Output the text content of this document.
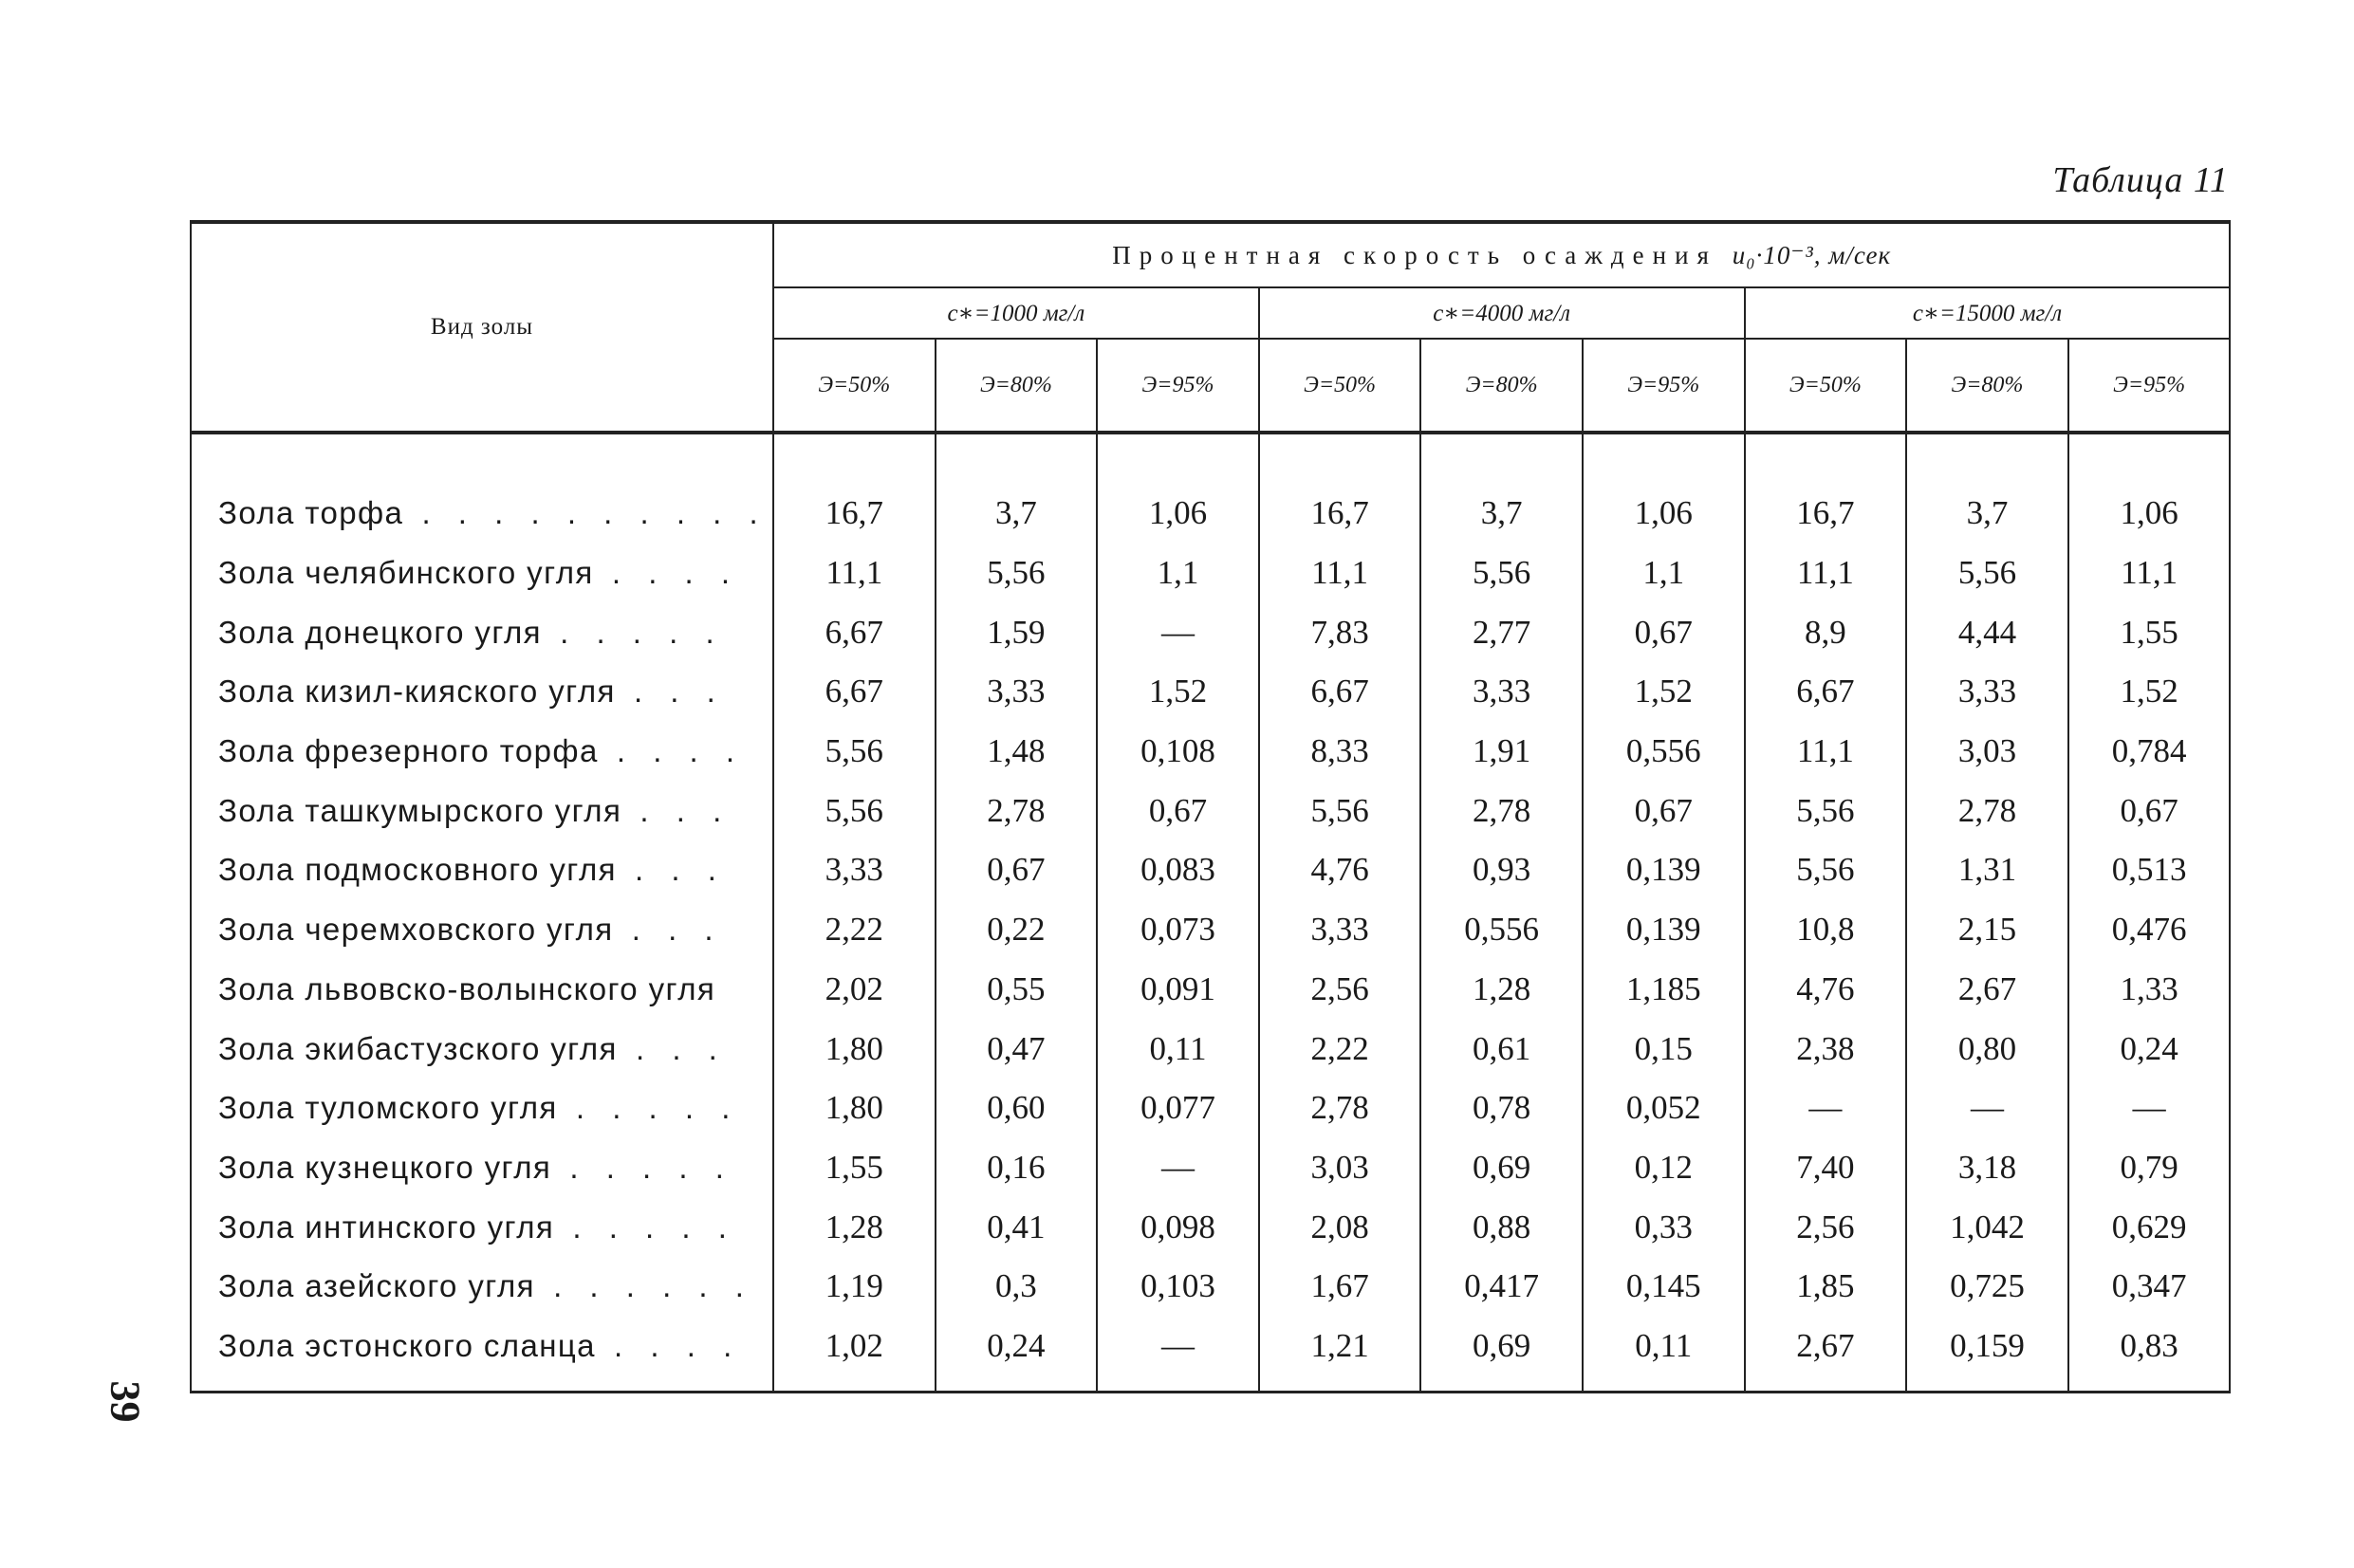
Таблица 11
39
Вид золы	Процентная скорость осаждения u₀·10⁻³, м/сек								
	c∗=1000 мг/л			c∗=4000 мг/л			c∗=15000 мг/л		
	Э=50%	Э=80%	Э=95%	Э=50%	Э=80%	Э=95%	Э=50%	Э=80%	Э=95%

Зола торфа . . . . . . . . . .	16,7	3,7	1,06	16,7	3,7	1,06	16,7	3,7	1,06
Зола челябинского угля . . . .	11,1	5,56	1,1	11,1	5,56	1,1	11,1	5,56	11,1
Зола донецкого угля . . . . .	6,67	1,59	—	7,83	2,77	0,67	8,9	4,44	1,55
Зола кизил-кияского угля . . .	6,67	3,33	1,52	6,67	3,33	1,52	6,67	3,33	1,52
Зола фрезерного торфа . . . .	5,56	1,48	0,108	8,33	1,91	0,556	11,1	3,03	0,784
Зола ташкумырского угля . . .	5,56	2,78	0,67	5,56	2,78	0,67	5,56	2,78	0,67
Зола подмосковного угля . . .	3,33	0,67	0,083	4,76	0,93	0,139	5,56	1,31	0,513
Зола черемховского угля . . .	2,22	0,22	0,073	3,33	0,556	0,139	10,8	2,15	0,476
Зола львовско-волынского угля	2,02	0,55	0,091	2,56	1,28	1,185	4,76	2,67	1,33
Зола экибастузского угля . . .	1,80	0,47	0,11	2,22	0,61	0,15	2,38	0,80	0,24
Зола туломского угля . . . . .	1,80	0,60	0,077	2,78	0,78	0,052	—	—	—
Зола кузнецкого угля . . . . .	1,55	0,16	—	3,03	0,69	0,12	7,40	3,18	0,79
Зола интинского угля . . . . .	1,28	0,41	0,098	2,08	0,88	0,33	2,56	1,042	0,629
Зола азейского угля . . . . . .	1,19	0,3	0,103	1,67	0,417	0,145	1,85	0,725	0,347
Зола эстонского сланца . . . .	1,02	0,24	—	1,21	0,69	0,11	2,67	0,159	0,83
